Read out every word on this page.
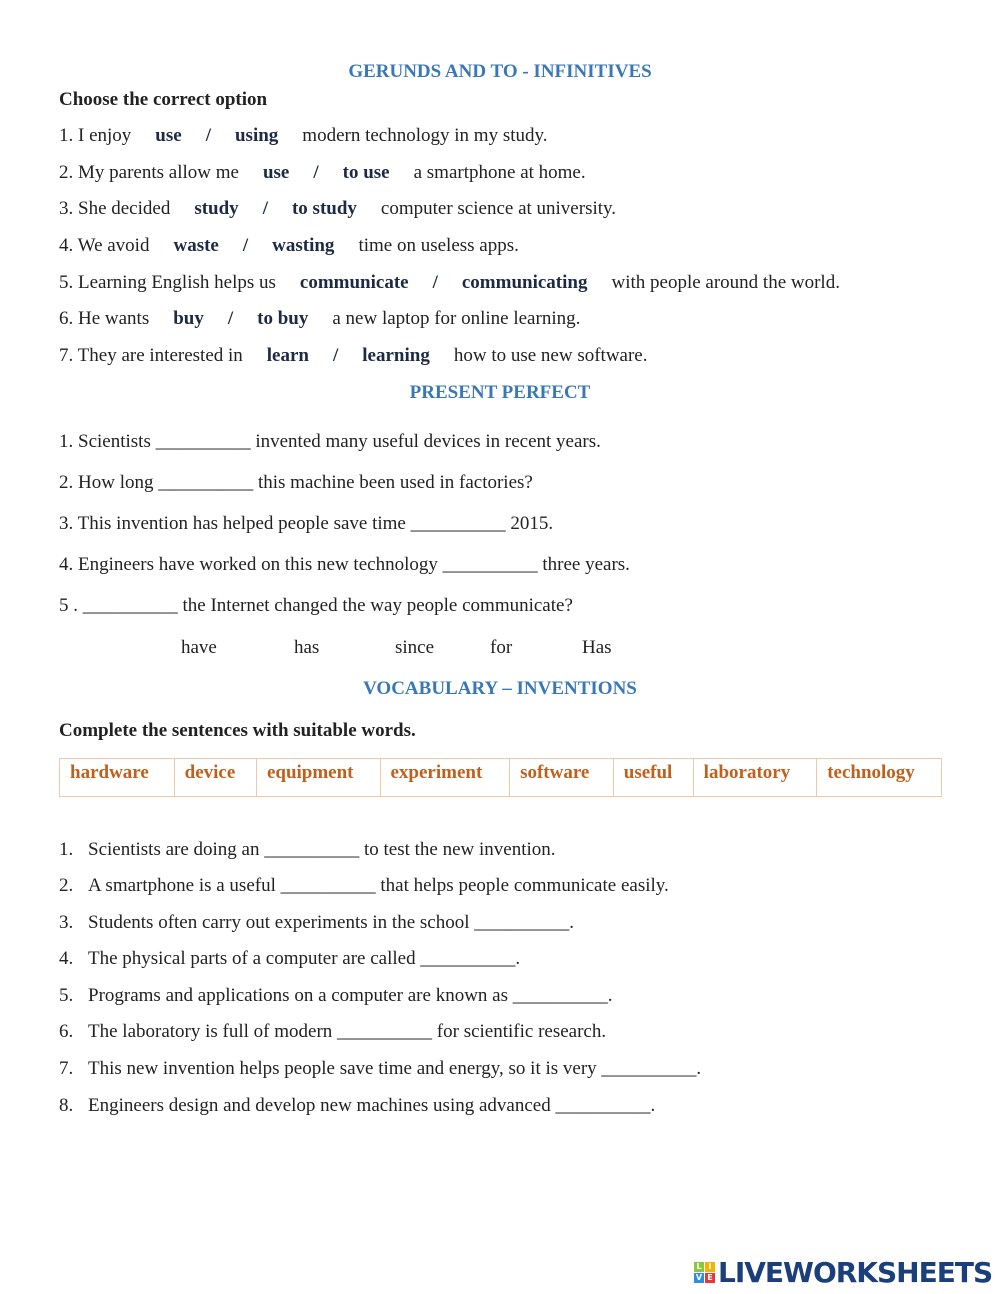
GERUNDS AND TO - INFINITIVES
Choose the correct option
1. I enjoy use / using modern technology in my study.
2. My parents allow me use / to use a smartphone at home.
3. She decided study / to study computer science at university.
4. We avoid waste / wasting time on useless apps.
5. Learning English helps us communicate / communicating with people around the world.
6. He wants buy / to buy a new laptop for online learning.
7. They are interested in learn / learning how to use new software.
PRESENT PERFECT
1. Scientists __________ invented many useful devices in recent years.
2. How long __________ this machine been used in factories?
3. This invention has helped people save time __________ 2015.
4. Engineers have worked on this new technology __________ three years.
5 . __________ the Internet changed the way people communicate?
have	has	since	for	Has
VOCABULARY – INVENTIONS
Complete the sentences with suitable words.
hardware	device	equipment	experiment	software	useful	laboratory	technology
1. Scientists are doing an __________ to test the new invention.
2. A smartphone is a useful __________ that helps people communicate easily.
3. Students often carry out experiments in the school __________.
4. The physical parts of a computer are called __________.
5. Programs and applications on a computer are known as __________.
6. The laboratory is full of modern __________ for scientific research.
7. This new invention helps people save time and energy, so it is very __________.
8. Engineers design and develop new machines using advanced __________.
L I
V E LIVEWORKSHEETS
